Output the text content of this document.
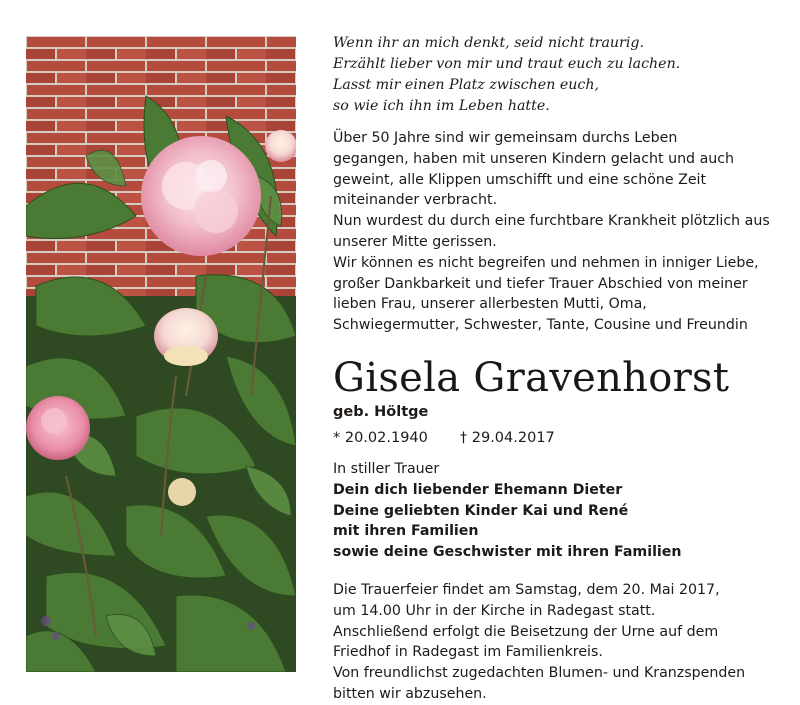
Wenn ihr an mich denkt, seid nicht traurig.
Erzählt lieber von mir und traut euch zu lachen.
Lasst mir einen Platz zwischen euch,
so wie ich ihn im Leben hatte.
Über 50 Jahre sind wir gemeinsam durchs Leben
gegangen, haben mit unseren Kindern gelacht und auch
geweint, alle Klippen umschifft und eine schöne Zeit
miteinander verbracht.
Nun wurdest du durch eine furchtbare Krankheit plötzlich aus
unserer Mitte gerissen.
Wir können es nicht begreifen und nehmen in inniger Liebe,
großer Dankbarkeit und tiefer Trauer Abschied von meiner
lieben Frau, unserer allerbesten Mutti, Oma,
Schwiegermutter, Schwester, Tante, Cousine und Freundin
Gisela Gravenhorst
geb. Höltge
* 20.02.1940 † 29.04.2017
In stiller Trauer
Dein dich liebender Ehemann Dieter
Deine geliebten Kinder Kai und René
mit ihren Familien
sowie deine Geschwister mit ihren Familien
Die Trauerfeier findet am Samstag, dem 20. Mai 2017,
um 14.00 Uhr in der Kirche in Radegast statt.
Anschließend erfolgt die Beisetzung der Urne auf dem
Friedhof in Radegast im Familienkreis.
Von freundlichst zugedachten Blumen- und Kranzspenden
bitten wir abzusehen.
